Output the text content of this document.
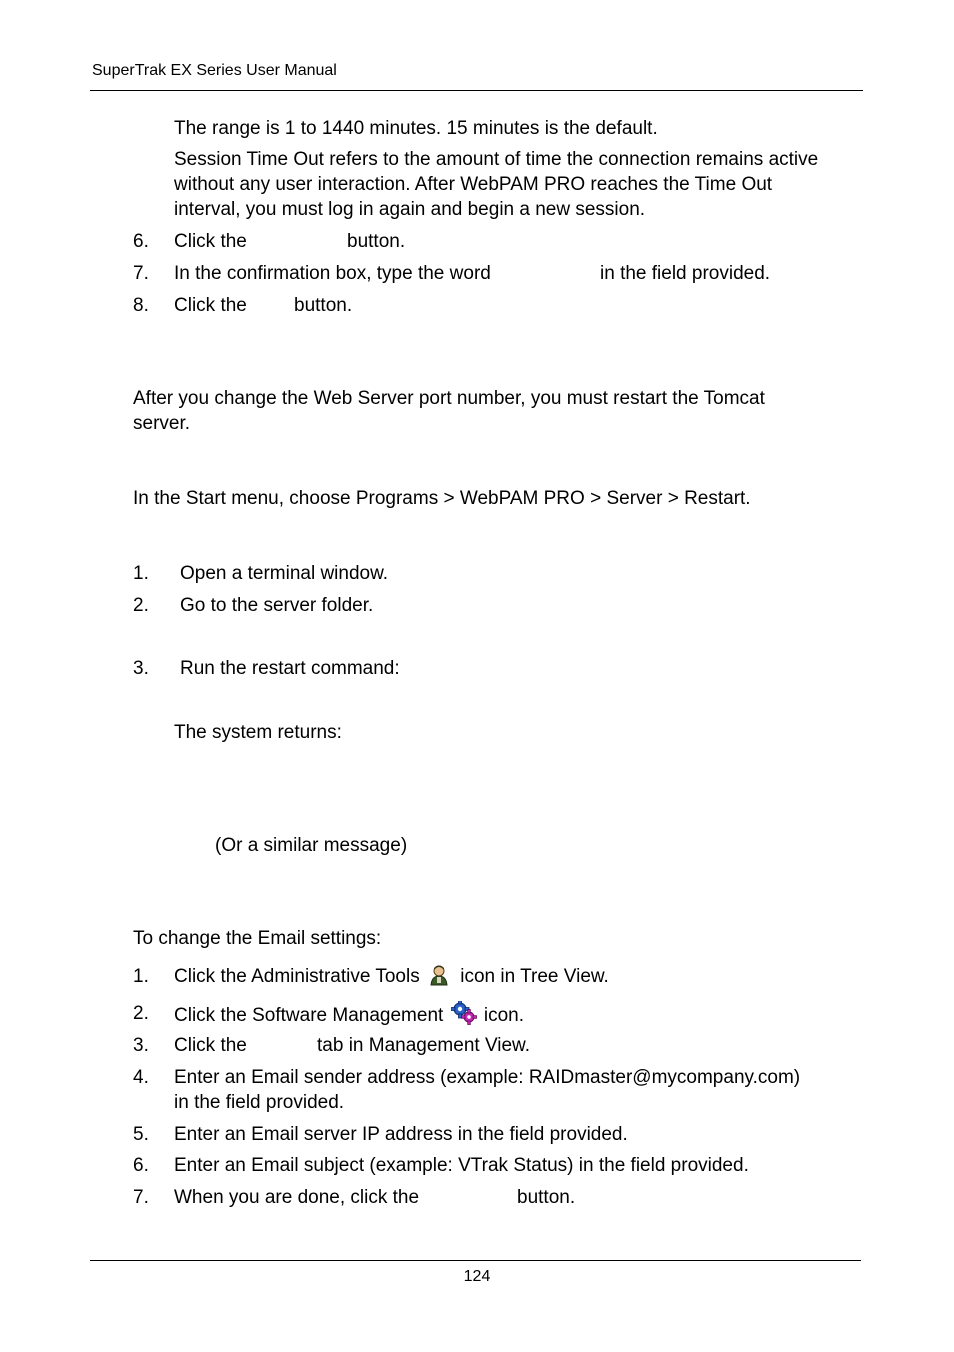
SuperTrak EX Series User Manual
The range is 1 to 1440 minutes. 15 minutes is the default.
Session Time Out refers to the amount of time the connection remains active
without any user interaction. After WebPAM PRO reaches the Time Out
interval, you must log in again and begin a new session.
6. Click the	button.
7. In the confirmation box, type the word	in the field provided.
8. Click the button.
After you change the Web Server port number, you must restart the Tomcat
server.
In the Start menu, choose Programs > WebPAM PRO > Server > Restart.
1. Open a terminal window.
2. Go to the server folder.
3. Run the restart command:
The system returns:
(Or a similar message)
To change the Email settings:
1. Click the Administrative Tools icon in Tree View.
2. Click the Software Management icon.
3. Click the	tab in Management View.
4. Enter an Email sender address (example: RAIDmaster@mycompany.com)
in the field provided.
5. Enter an Email server IP address in the field provided.
6. Enter an Email subject (example: VTrak Status) in the field provided.
7. When you are done, click the	button.
124
